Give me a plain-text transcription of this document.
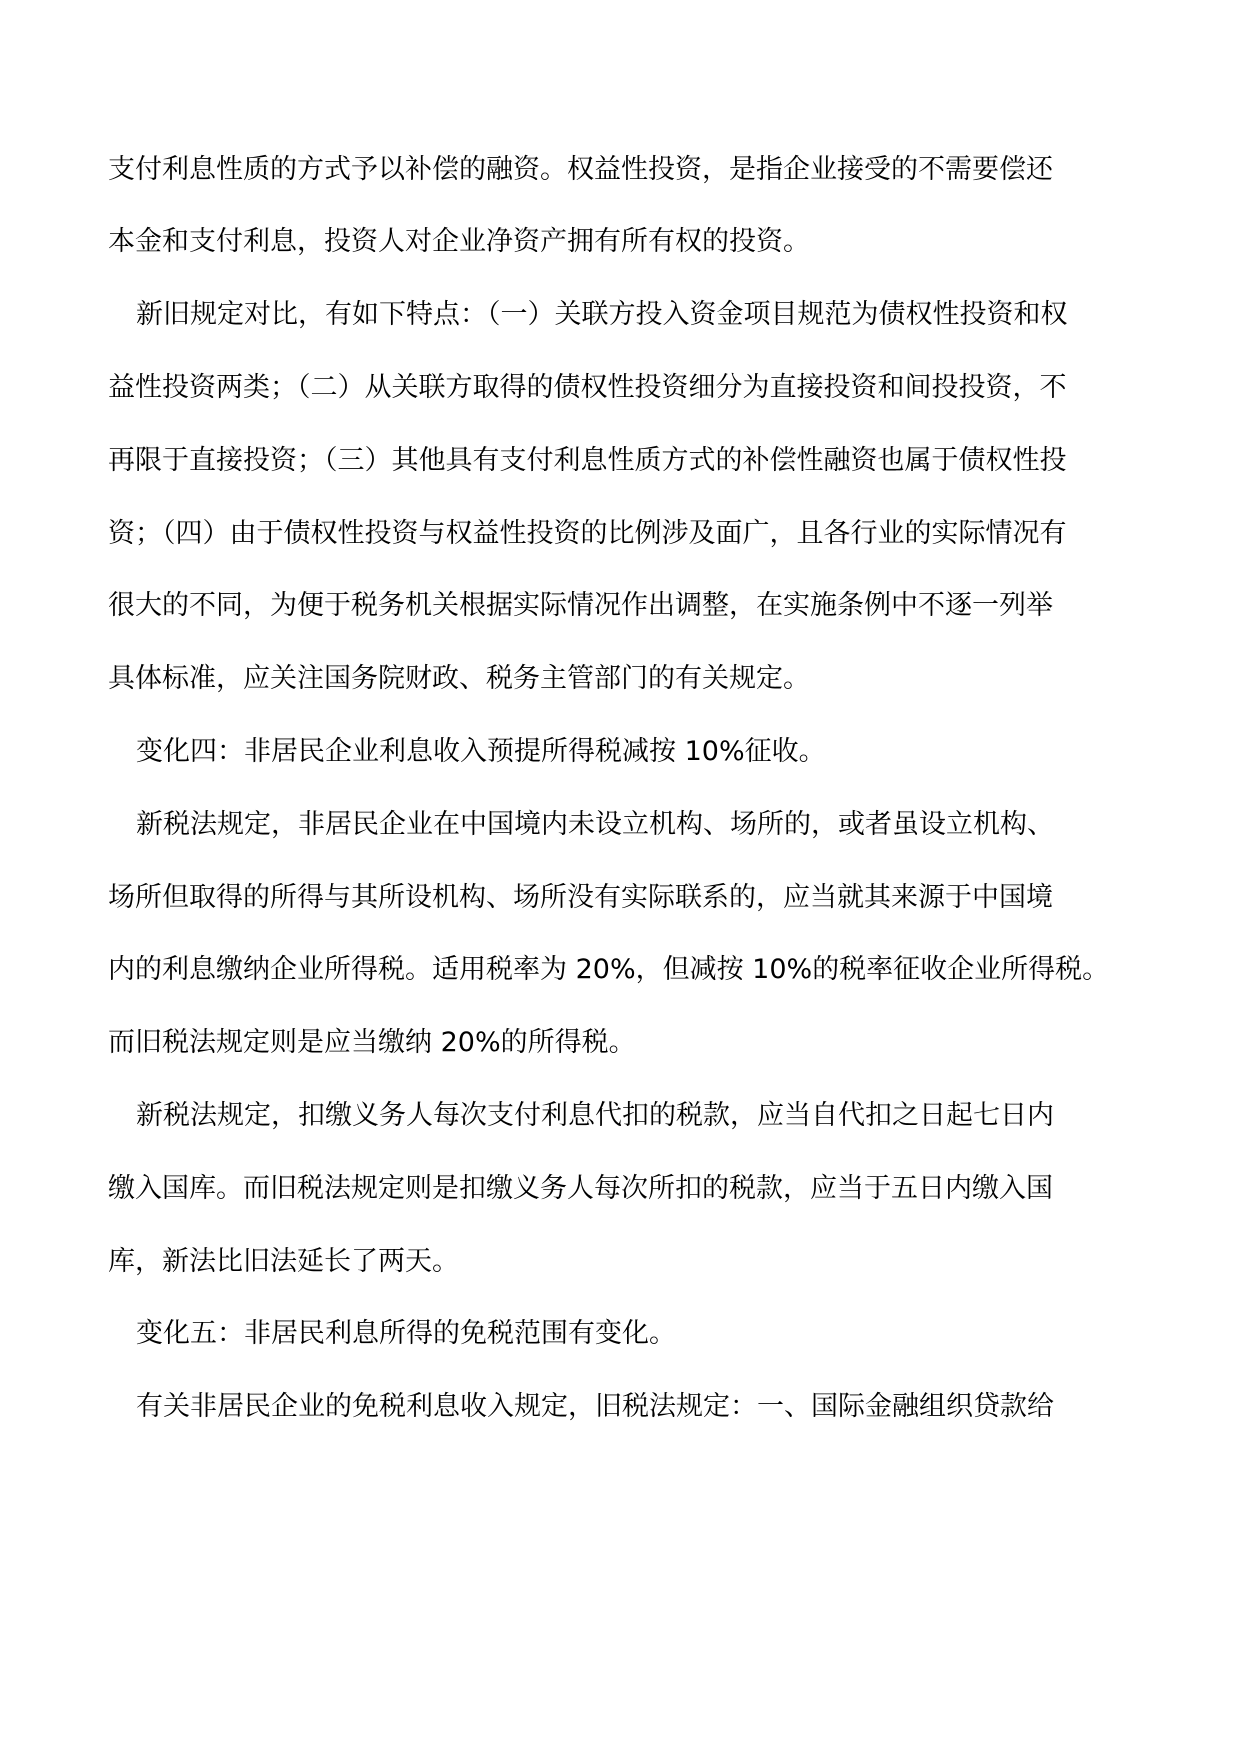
支付利息性质的方式予以补偿的融资。权益性投资，是指企业接受的不需要偿还
本金和支付利息，投资人对企业净资产拥有所有权的投资。
新旧规定对比，有如下特点：（一）关联方投入资金项目规范为债权性投资和权
益性投资两类；（二）从关联方取得的债权性投资细分为直接投资和间投投资，不
再限于直接投资；（三）其他具有支付利息性质方式的补偿性融资也属于债权性投
资；（四）由于债权性投资与权益性投资的比例涉及面广，且各行业的实际情况有
很大的不同，为便于税务机关根据实际情况作出调整，在实施条例中不逐一列举
具体标准，应关注国务院财政、税务主管部门的有关规定。
变化四：非居民企业利息收入预提所得税减按 10%征收。
新税法规定，非居民企业在中国境内未设立机构、场所的，或者虽设立机构、
场所但取得的所得与其所设机构、场所没有实际联系的，应当就其来源于中国境
内的利息缴纳企业所得税。适用税率为 20%，但减按 10%的税率征收企业所得税。
而旧税法规定则是应当缴纳 20%的所得税。
新税法规定，扣缴义务人每次支付利息代扣的税款，应当自代扣之日起七日内
缴入国库。而旧税法规定则是扣缴义务人每次所扣的税款，应当于五日内缴入国
库，新法比旧法延长了两天。
变化五：非居民利息所得的免税范围有变化。
有关非居民企业的免税利息收入规定，旧税法规定：一、国际金融组织贷款给
